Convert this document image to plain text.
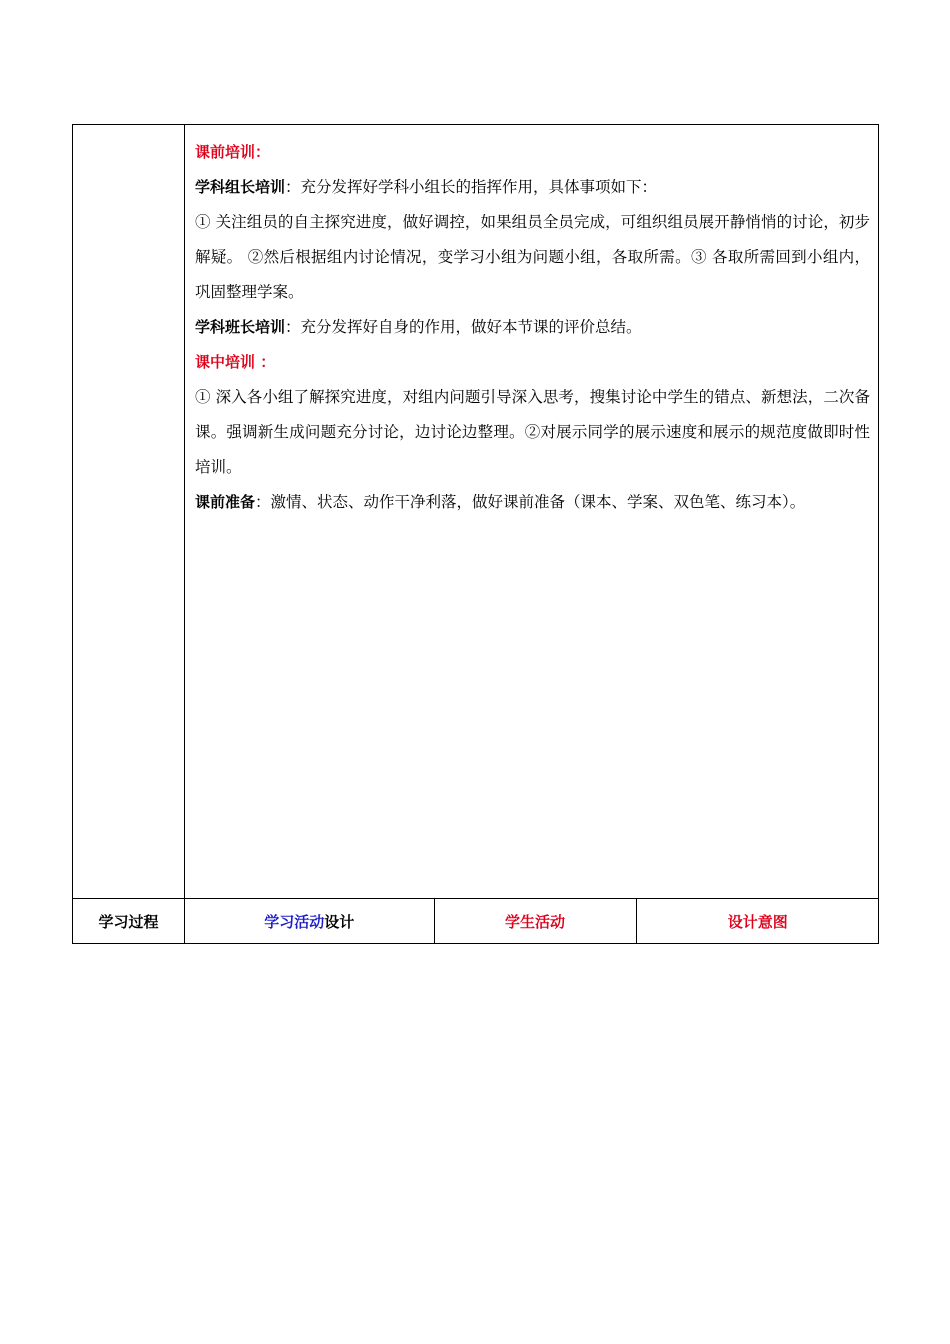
课前培训：

学科组长培训：充分发挥好学科小组长的指挥作用，具体事项如下：

① 关注组员的自主探究进度，做好调控，如果组员全员完成，可组织组员展开静悄悄的讨论，初步解疑。 ②然后根据组内讨论情况，变学习小组为问题小组，各取所需。③ 各取所需回到小组内，巩固整理学案。

学科班长培训：充分发挥好自身的作用，做好本节课的评价总结。

课中培训 ：

① 深入各小组了解探究进度，对组内问题引导深入思考，搜集讨论中学生的错点、新想法，二次备课。强调新生成问题充分讨论，边讨论边整理。②对展示同学的展示速度和展示的规范度做即时性培训。

课前准备：激情、状态、动作干净利落，做好课前准备（课本、学案、双色笔、练习本）。

学习过程		学习活动设计	学生活动	设计意图
